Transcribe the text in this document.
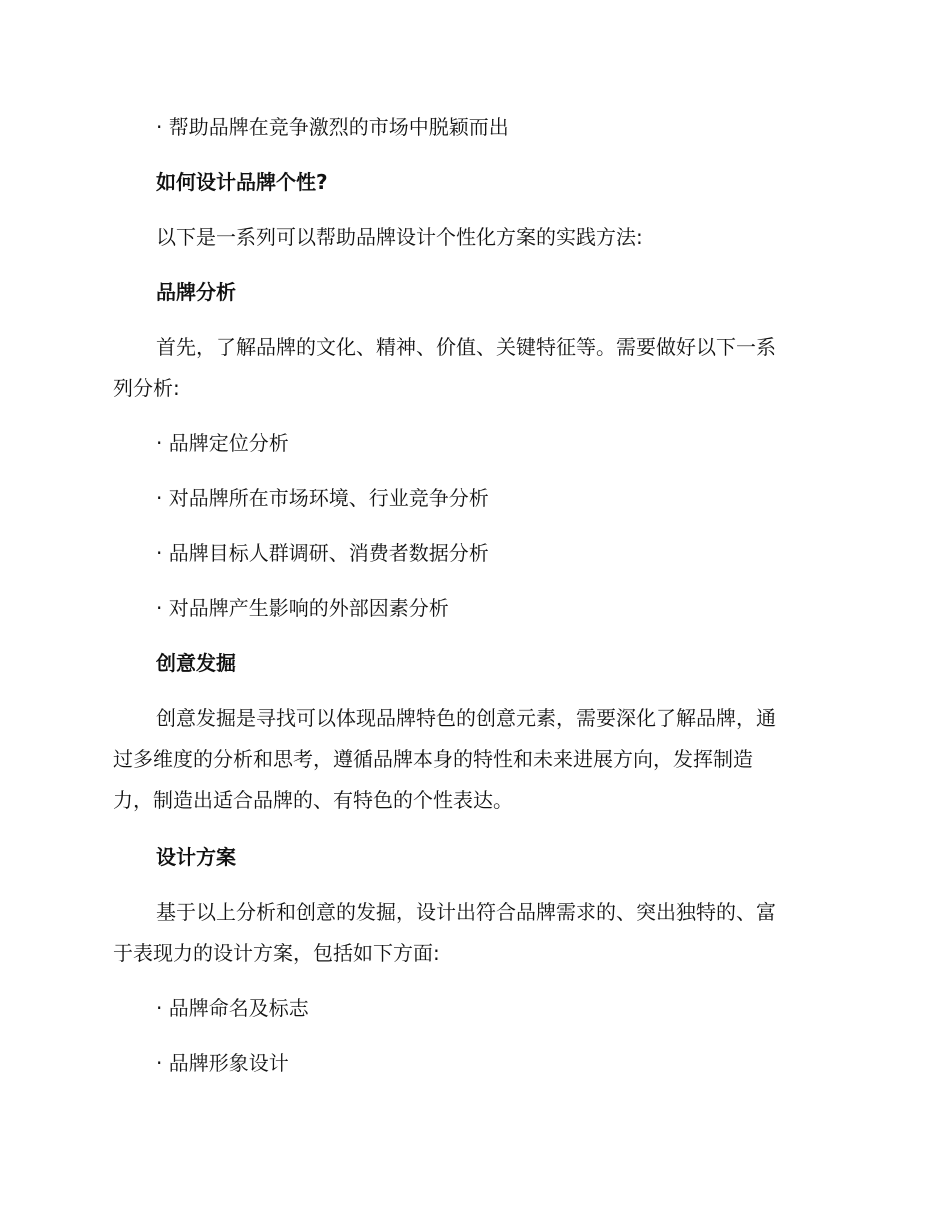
· 帮助品牌在竞争激烈的市场中脱颖而出
如何设计品牌个性?
以下是一系列可以帮助品牌设计个性化方案的实践方法:
品牌分析
首先，了解品牌的文化、精神、价值、关键特征等。需要做好以下一系
列分析:
· 品牌定位分析
· 对品牌所在市场环境、行业竞争分析
· 品牌目标人群调研、消费者数据分析
· 对品牌产生影响的外部因素分析
创意发掘
创意发掘是寻找可以体现品牌特色的创意元素，需要深化了解品牌，通
过多维度的分析和思考，遵循品牌本身的特性和未来进展方向，发挥制造
力，制造出适合品牌的、有特色的个性表达。
设计方案
基于以上分析和创意的发掘，设计出符合品牌需求的、突出独特的、富
于表现力的设计方案，包括如下方面:
· 品牌命名及标志
· 品牌形象设计
